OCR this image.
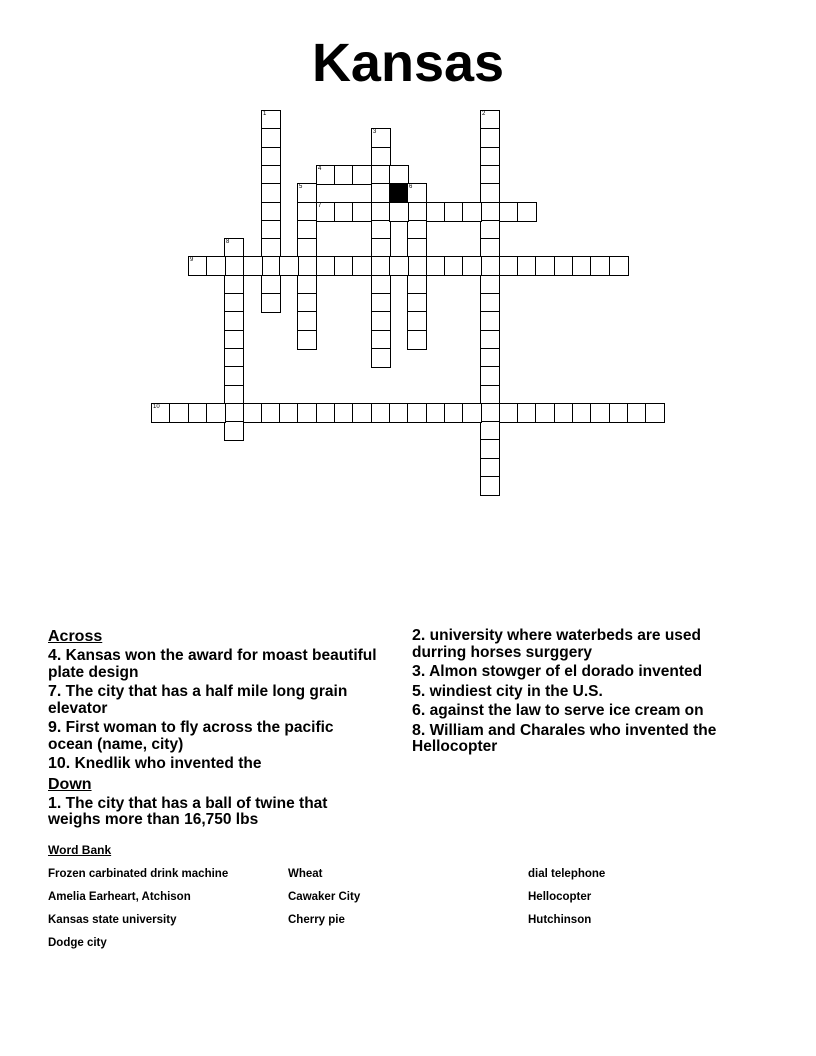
Kansas
1	2
3
4
5	6
7
8
9
10
Across
4. Kansas won the award for moast beautiful plate design
7. The city that has a half mile long grain elevator
9. First woman to fly across the pacific ocean (name, city)
10. Knedlik who invented the
Down
1. The city that has a ball of twine that weighs more than 16,750 lbs
2. university where waterbeds are used durring horses surggery
3. Almon stowger of el dorado invented
5. windiest city in the U.S.
6. against the law to serve ice cream on
8. William and Charales who invented the Hellocopter
Word Bank
Frozen carbinated drink machine
Amelia Earheart, Atchison
Kansas state university
Dodge city
Wheat
Cawaker City
Cherry pie
dial telephone
Hellocopter
Hutchinson
